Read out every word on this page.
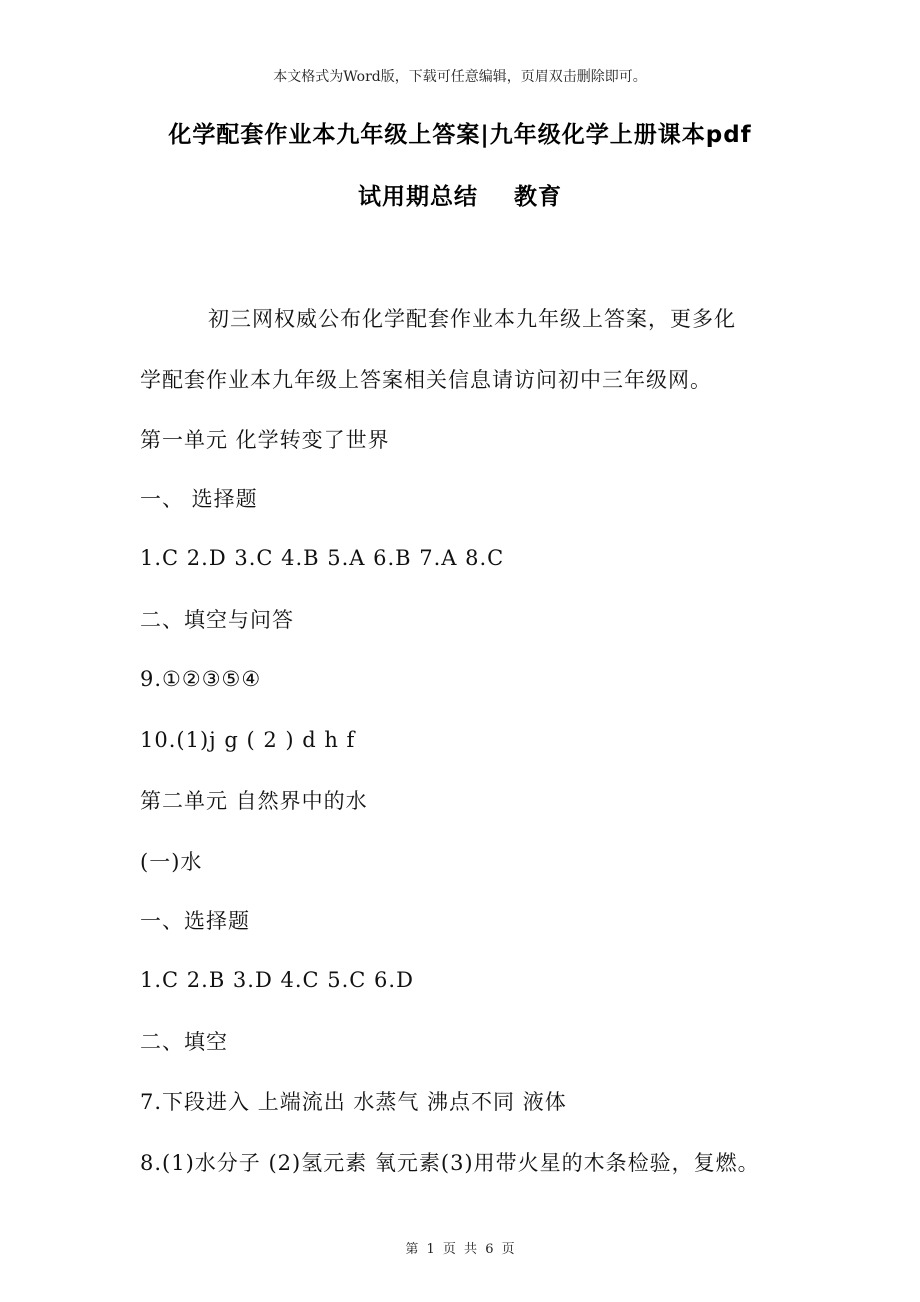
本文格式为Word版，下载可任意编辑，页眉双击删除即可。
化学配套作业本九年级上答案|九年级化学上册课本pdf
试用期总结 教育
初三网权威公布化学配套作业本九年级上答案，更多化
学配套作业本九年级上答案相关信息请访问初中三年级网。
第一单元 化学转变了世界
一、 选择题
1.C 2.D 3.C 4.B 5.A 6.B 7.A 8.C
二、填空与问答
9.①②③⑤④
10.(1)j g ( 2 ) d h f
第二单元 自然界中的水
(一)水
一、选择题
1.C 2.B 3.D 4.C 5.C 6.D
二、填空
7.下段进入 上端流出 水蒸气 沸点不同 液体
8.(1)水分子 (2)氢元素 氧元素(3)用带火星的木条检验，复燃。
第 1 页 共 6 页
